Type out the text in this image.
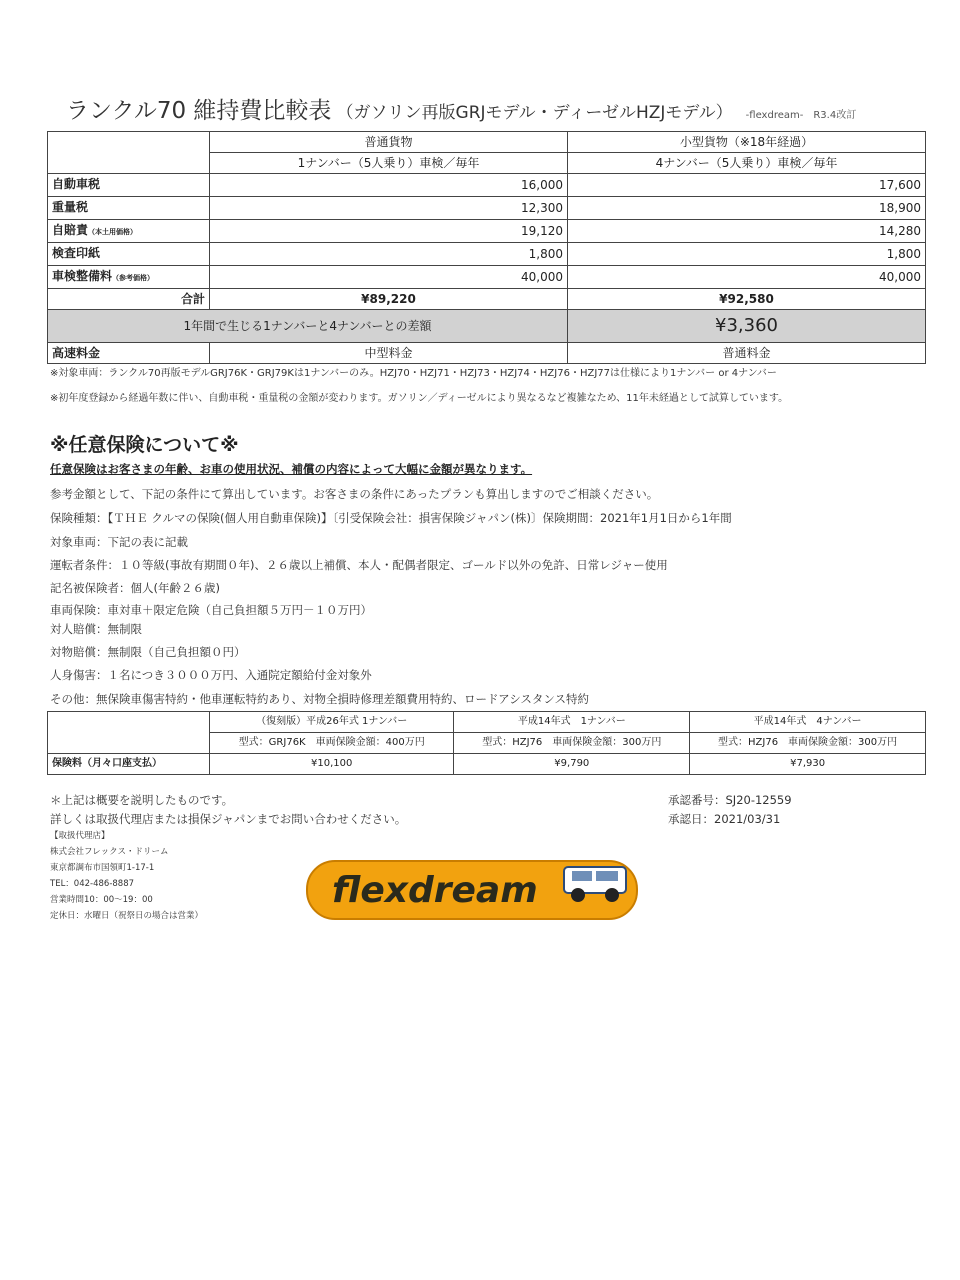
ランクル70 維持費比較表 （ガソリン再版GRJモデル・ディーゼルHZJモデル） -flexdream-　R3.4改訂
	普通貨物	小型貨物（※18年経過）
	1ナンバー（5人乗り）車検／毎年	4ナンバー（5人乗り）車検／毎年
自動車税	16,000	17,600
重量税	12,300	18,900
自賠責（本土用価格）	19,120	14,280
検査印紙	1,800	1,800
車検整備料（参考価格）	40,000	40,000
合計	¥89,220	¥92,580
1年間で生じる1ナンバーと4ナンバーとの差額		¥3,360
高速料金	中型料金	普通料金
※対象車両：ランクル70再版モデルGRJ76K・GRJ79Kは1ナンバーのみ。HZJ70・HZJ71・HZJ73・HZJ74・HZJ76・HZJ77は仕様により1ナンバー or 4ナンバー
※初年度登録から経過年数に伴い、自動車税・重量税の金額が変わります。ガソリン／ディーゼルにより異なるなど複雑なため、11年未経過として試算しています。
※任意保険について※
任意保険はお客さまの年齢、お車の使用状況、補償の内容によって大幅に金額が異なります。
参考金額として、下記の条件にて算出しています。お客さまの条件にあったプランも算出しますのでご相談ください。
保険種類：【ＴＨＥ クルマの保険(個人用自動車保険)】〔引受保険会社：損害保険ジャパン(株)〕保険期間：2021年1月1日から1年間
対象車両：下記の表に記載
運転者条件：１０等級(事故有期間０年)、２６歳以上補償、本人・配偶者限定、ゴールド以外の免許、日常レジャー使用
記名被保険者：個人(年齢２６歳)
車両保険：車対車＋限定危険（自己負担額５万円－１０万円）
対人賠償：無制限
対物賠償：無制限（自己負担額０円）
人身傷害：１名につき３０００万円、入通院定額給付金対象外
その他：無保険車傷害特約・他車運転特約あり、対物全損時修理差額費用特約、ロードアシスタンス特約
	（復刻版）平成26年式 1ナンバー	平成14年式　1ナンバー	平成14年式　4ナンバー
	型式：GRJ76K　車両保険金額：400万円	型式：HZJ76　車両保険金額：300万円	型式：HZJ76　車両保険金額：300万円
保険料（月々口座支払）	¥10,100	¥9,790	¥7,930
＊上記は概要を説明したものです。
詳しくは取扱代理店または損保ジャパンまでお問い合わせください。
【取扱代理店】
株式会社フレックス・ドリーム
東京都調布市国領町1-17-1
TEL：042-486-8887
営業時間10：00～19：00
定休日：水曜日（祝祭日の場合は営業）
承認番号：SJ20-12559
承認日：2021/03/31
flexdream
